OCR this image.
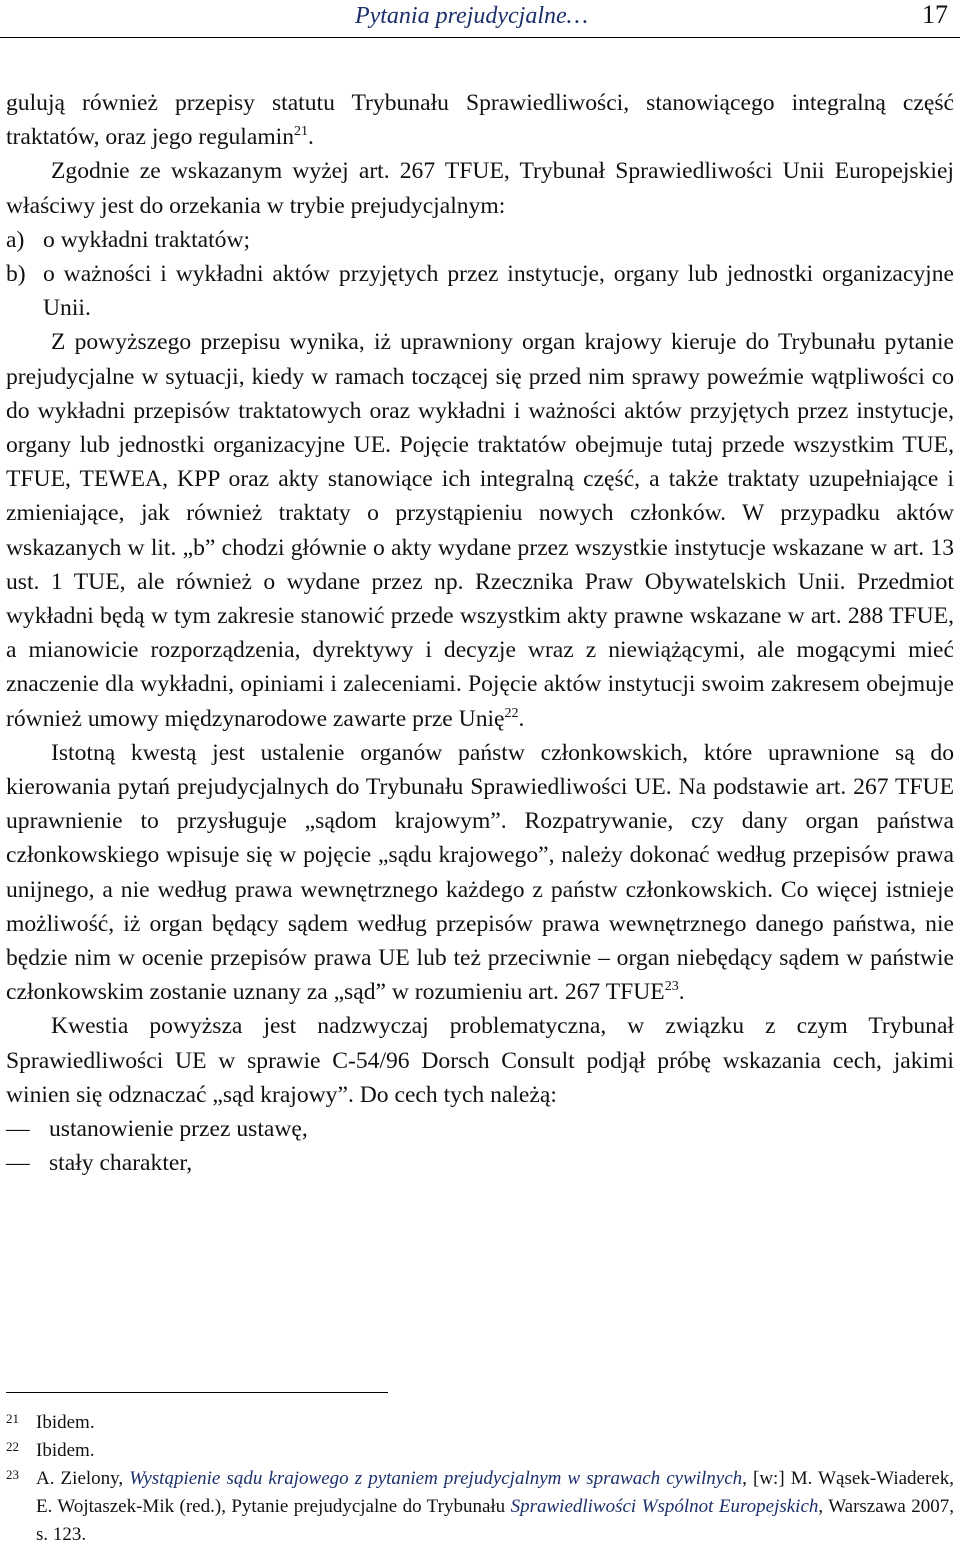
Pytania prejudycjalne…	17

gulują również przepisy statutu Trybunału Sprawiedliwości, stanowiącego integralną część traktatów, oraz jego regulamin$^{21}$.

Zgodnie ze wskazanym wyżej art. 267 TFUE, Trybunał Sprawiedliwości Unii Europejskiej właściwy jest do orzekania w trybie prejudycjalnym:

a) o wykładni traktatów;
b) o ważności i wykładni aktów przyjętych przez instytucje, organy lub jednostki organizacyjne Unii.

Z powyższego przepisu wynika, iż uprawniony organ krajowy kieruje do Trybunału pytanie prejudycjalne w sytuacji, kiedy w ramach toczącej się przed nim sprawy poweźmie wątpliwości co do wykładni przepisów traktatowych oraz wykładni i ważności aktów przyjętych przez instytucje, organy lub jednostki organizacyjne UE. Pojęcie traktatów obejmuje tutaj przede wszystkim TUE, TFUE, TEWEA, KPP oraz akty stanowiące ich integralną część, a także traktaty uzupełniające i zmieniające, jak również traktaty o przystąpieniu nowych członków. W przypadku aktów wskazanych w lit. „b” chodzi głównie o akty wydane przez wszystkie instytucje wskazane w art. 13 ust. 1 TUE, ale również o wydane przez np. Rzecznika Praw Obywatelskich Unii. Przedmiot wykładni będą w tym zakresie stanowić przede wszystkim akty prawne wskazane w art. 288 TFUE, a mianowicie rozporządzenia, dyrektywy i decyzje wraz z niewiążącymi, ale mogącymi mieć znaczenie dla wykładni, opiniami i zaleceniami. Pojęcie aktów instytucji swoim zakresem obejmuje również umowy międzynarodowe zawarte prze Unię$^{22}$.

Istotną kwestą jest ustalenie organów państw członkowskich, które uprawnione są do kierowania pytań prejudycjalnych do Trybunału Sprawiedliwości UE. Na podstawie art. 267 TFUE uprawnienie to przysługuje „sądom krajowym”. Rozpatrywanie, czy dany organ państwa członkowskiego wpisuje się w pojęcie „sądu krajowego”, należy dokonać według przepisów prawa unijnego, a nie według prawa wewnętrznego każdego z państw członkowskich. Co więcej istnieje możliwość, iż organ będący sądem według przepisów prawa wewnętrznego danego państwa, nie będzie nim w ocenie przepisów prawa UE lub też przeciwnie – organ niebędący sądem w państwie członkowskim zostanie uznany za „sąd” w rozumieniu art. 267 TFUE$^{23}$.

Kwestia powyższa jest nadzwyczaj problematyczna, w związku z czym Trybunał Sprawiedliwości UE w sprawie C-54/96 Dorsch Consult podjął próbę wskazania cech, jakimi winien się odznaczać „sąd krajowy”. Do cech tych należą:

— ustanowienie przez ustawę,
— stały charakter,
21 Ibidem.
22 Ibidem.
23 A. Zielony, Wystąpienie sądu krajowego z pytaniem prejudycjalnym w sprawach cywilnych, [w:] M. Wąsek-Wiaderek, E. Wojtaszek-Mik (red.), Pytanie prejudycjalne do Trybunału Sprawiedliwości Wspólnot Europejskich, Warszawa 2007, s. 123.
